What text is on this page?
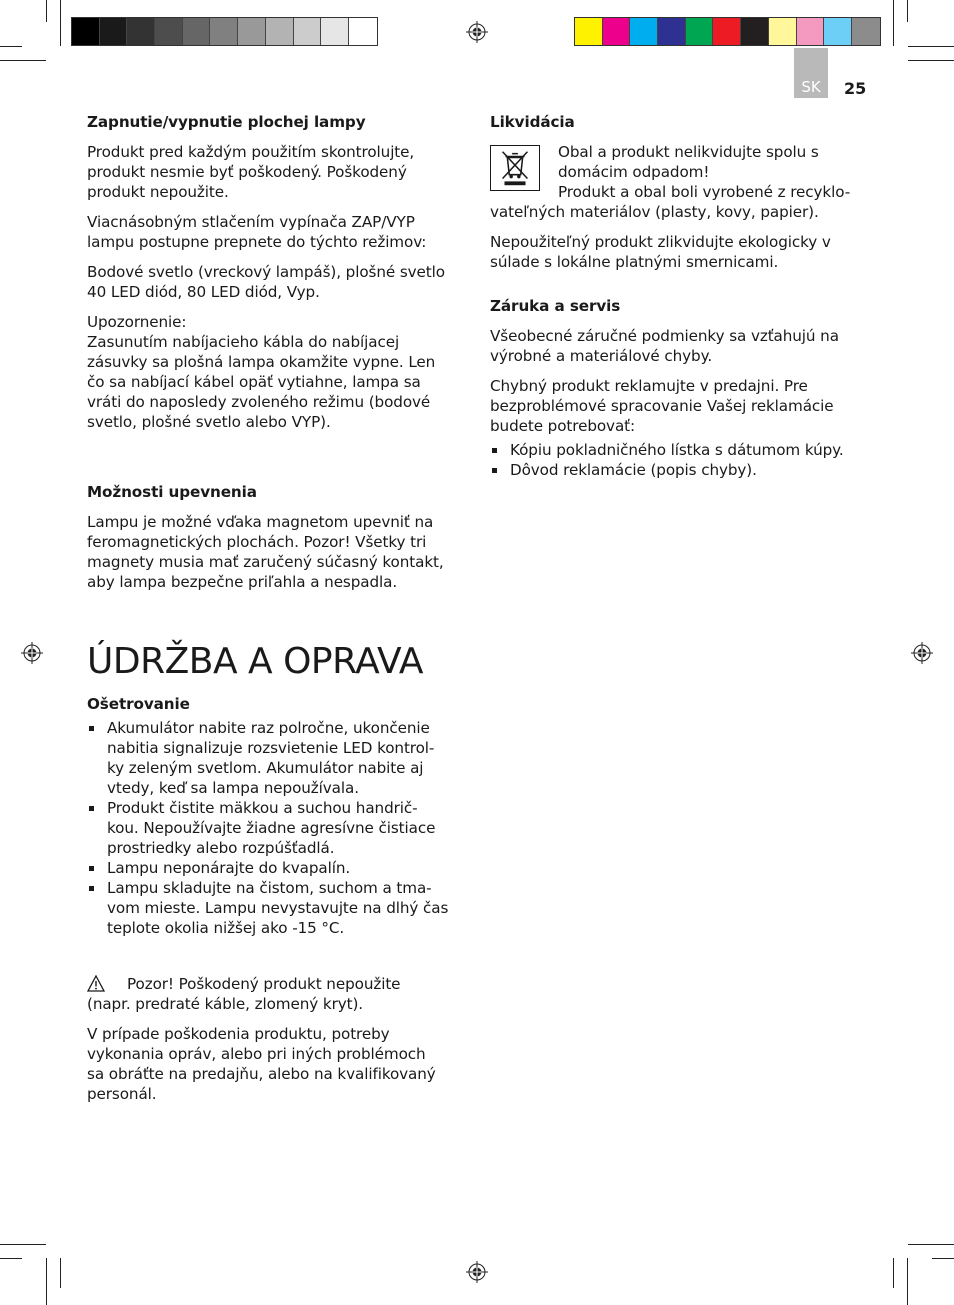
SK 25
Zapnutie/vypnutie plochej lampy

Produkt pred každým použitím skontrolujte,
produkt nesmie byť poškodený. Poškodený
produkt nepoužite.

Viacnásobným stlačením vypínača ZAP/VYP
lampu postupne prepnete do týchto režimov:

Bodové svetlo (vreckový lampáš), plošné svetlo
40 LED diód, 80 LED diód, Vyp.

Upozornenie:
Zasunutím nabíjacieho kábla do nabíjacej
zásuvky sa plošná lampa okamžite vypne. Len
čo sa nabíjací kábel opäť vytiahne, lampa sa
vráti do naposledy zvoleného režimu (bodové
svetlo, plošné svetlo alebo VYP).

Možnosti upevnenia

Lampu je možné vďaka magnetom upevniť na
feromagnetických plochách. Pozor! Všetky tri
magnety musia mať zaručený súčasný kontakt,
aby lampa bezpečne priľahla a nespadla.

ÚDRŽBA A OPRAVA
Ošetrovanie
Akumulátor nabite raz polročne, ukončenie
nabitia signalizuje rozsvietenie LED kontrol-
ky zeleným svetlom. Akumulátor nabite aj
vtedy, keď sa lampa nepoužívala.
Produkt čistite mäkkou a suchou handrič-
kou. Nepoužívajte žiadne agresívne čistiace
prostriedky alebo rozpúšťadlá.
Lampu neponárajte do kvapalín.
Lampu skladujte na čistom, suchom a tma-
vom mieste. Lampu nevystavujte na dlhý čas
teplote okolia nižšej ako -15 °C.

Pozor! Poškodený produkt nepoužite
(napr. predraté káble, zlomený kryt).

V prípade poškodenia produktu, potreby
vykonania opráv, alebo pri iných problémoch
sa obráťte na predajňu, alebo na kvalifikovaný
personál.

Likvidácia

Obal a produkt nelikvidujte spolu s
domácim odpadom!
Produkt a obal boli vyrobené z recyklo-

vateľných materiálov (plasty, kovy, papier).

Nepoužiteľný produkt zlikvidujte ekologicky v
súlade s lokálne platnými smernicami.

Záruka a servis

Všeobecné záručné podmienky sa vzťahujú na
výrobné a materiálové chyby.

Chybný produkt reklamujte v predajni. Pre
bezproblémové spracovanie Vašej reklamácie
budete potrebovať:

Kópiu pokladničného lístka s dátumom kúpy.
Dôvod reklamácie (popis chyby).
